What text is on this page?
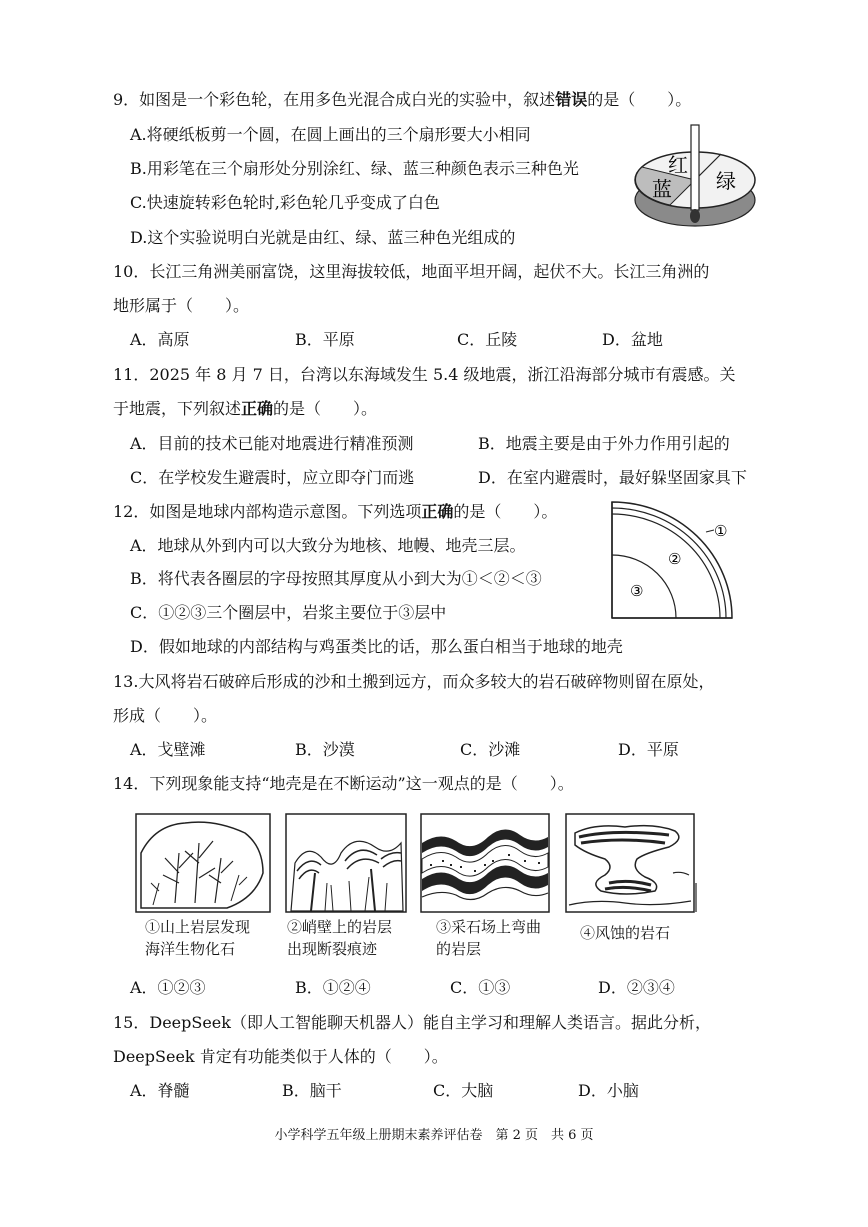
9．如图是一个彩色轮，在用多色光混合成白光的实验中，叙述错误的是（　　）。
A.将硬纸板剪一个圆，在圆上画出的三个扇形要大小相同
B.用彩笔在三个扇形处分别涂红、绿、蓝三种颜色表示三种色光
C.快速旋转彩色轮时,彩色轮几乎变成了白色
D.这个实验说明白光就是由红、绿、蓝三种色光组成的
红
蓝 绿
10．长江三角洲美丽富饶，这里海拔较低，地面平坦开阔，起伏不大。长江三角洲的
地形属于（　　）。
A．高原	B．平原	C．丘陵	D．盆地
11．2025 年 8 月 7 日，台湾以东海域发生 5.4 级地震，浙江沿海部分城市有震感。关
于地震，下列叙述正确的是（　　）。
A．目前的技术已能对地震进行精准预测	B．地震主要是由于外力作用引起的
C．在学校发生避震时，应立即夺门而逃	D．在室内避震时，最好躲坚固家具下
12．如图是地球内部构造示意图。下列选项正确的是（　　）。
A．地球从外到内可以大致分为地核、地幔、地壳三层。
B．将代表各圈层的字母按照其厚度从小到大为①＜②＜③
C．①②③三个圈层中，岩浆主要位于③层中
D．假如地球的内部结构与鸡蛋类比的话，那么蛋白相当于地球的地壳
①
②
③
13.大风将岩石破碎后形成的沙和土搬到远方，而众多较大的岩石破碎物则留在原处，
形成（　　）。
A．戈壁滩	B．沙漠	C．沙滩	D．平原
14．下列现象能支持“地壳是在不断运动”这一观点的是（　　）。
①山上岩层发现
海洋生物化石
②峭壁上的岩层
出现断裂痕迹
③采石场上弯曲
的岩层
④风蚀的岩石
A．①②③	B．①②④	C．①③	D．②③④
15．DeepSeek（即人工智能聊天机器人）能自主学习和理解人类语言。据此分析，
DeepSeek 肯定有功能类似于人体的（　　）。
A．脊髓	B．脑干	C．大脑	D．小脑
小学科学五年级上册期末素养评估卷　第 2 页　共 6 页
